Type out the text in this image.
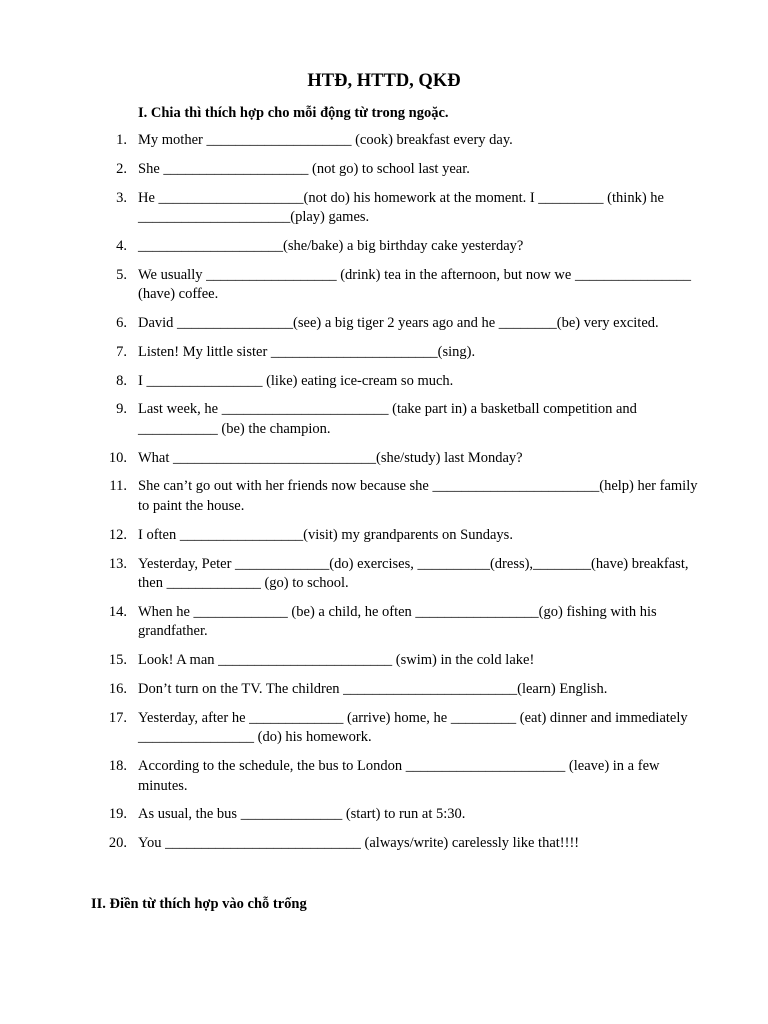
HTĐ, HTTD, QKĐ

I. Chia thì thích hợp cho mỗi động từ trong ngoặc.

1. My mother ____________________ (cook) breakfast every day.
2. She ____________________ (not go) to school last year.
3. He ____________________(not do) his homework at the moment. I _________ (think) he _____________________(play) games.
4. ____________________(she/bake) a big birthday cake yesterday?
5. We usually __________________ (drink) tea in the afternoon, but now we ________________ (have) coffee.
6. David ________________(see) a big tiger 2 years ago and he ________(be) very excited.
7. Listen! My little sister _______________________(sing).
8. I ________________ (like) eating ice-cream so much.
9. Last week, he _______________________ (take part in) a basketball competition and ___________ (be) the champion.
10. What ____________________________(she/study) last Monday?
11. She can’t go out with her friends now because she _______________________(help) her family to paint the house.
12. I often _________________(visit) my grandparents on Sundays.
13. Yesterday, Peter _____________(do) exercises, __________(dress),________(have) breakfast, then _____________ (go) to school.
14. When he _____________ (be) a child, he often _________________(go) fishing with his grandfather.
15. Look! A man ________________________ (swim) in the cold lake!
16. Don’t turn on the TV. The children ________________________(learn) English.
17. Yesterday, after he _____________ (arrive) home, he _________ (eat) dinner and immediately ________________ (do) his homework.
18. According to the schedule, the bus to London ______________________ (leave) in a few minutes.
19. As usual, the bus ______________ (start) to run at 5:30.
20. You ___________________________ (always/write) carelessly like that!!!!

II. Điền từ thích hợp vào chỗ trống
